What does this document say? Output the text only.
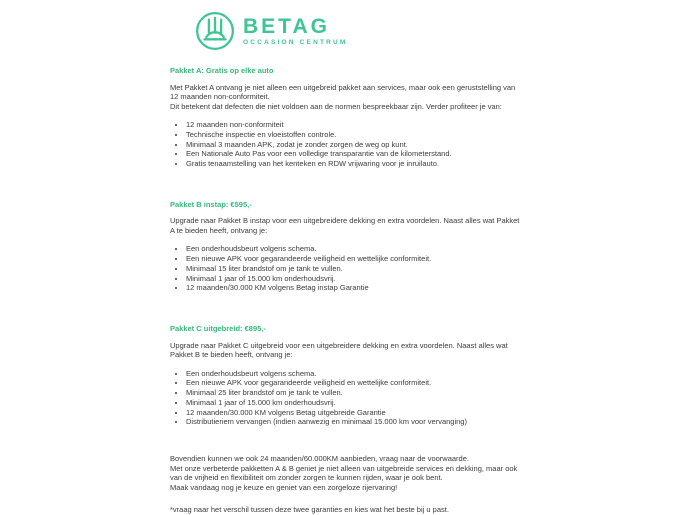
BETAG
OCCASION CENTRUM
Pakket A: Gratis op elke auto

Met Pakket A ontvang je niet alleen een uitgebreid pakket aan services, maar ook een geruststelling van 12 maanden non-conformiteit.

Dit betekent dat defecten die niet voldoen aan de normen bespreekbaar zijn. Verder profiteer je van:

• 12 maanden non-conformiteit
• Technische inspectie en vloeistoffen controle.
• Minimaal 3 maanden APK, zodat je zonder zorgen de weg op kunt.
• Een Nationale Auto Pas voor een volledige transparantie van de kilometerstand.
• Gratis tenaamstelling van het kenteken en RDW vrijwaring voor je inruilauto.
Pakket B instap: €595,-

Upgrade naar Pakket B instap voor een uitgebreidere dekking en extra voordelen. Naast alles wat Pakket A te bieden heeft, ontvang je:

• Een onderhoudsbeurt volgens schema.
• Een nieuwe APK voor gegarandeerde veiligheid en wettelijke conformiteit.
• Minimaal 15 liter brandstof om je tank te vullen.
• Minimaal 1 jaar of 15.000 km onderhoudsvrij.
• 12 maanden/30.000 KM volgens Betag instap Garantie
Pakket C uitgebreid: €895,-

Upgrade naar Pakket C uitgebreid voor een uitgebreidere dekking en extra voordelen. Naast alles wat Pakket B te bieden heeft, ontvang je:

• Een onderhoudsbeurt volgens schema.
• Een nieuwe APK voor gegarandeerde veiligheid en wettelijke conformiteit.
• Minimaal 25 liter brandstof om je tank te vullen.
• Minimaal 1 jaar of 15.000 km onderhoudsvrij.
• 12 maanden/30.000 KM volgens Betag uitgebreide Garantie
• Distributieriem vervangen (indien aanwezig en minimaal 15.000 km voor vervanging)

Bovendien kunnen we ook 24 maanden/60.000KM aanbieden, vraag naar de voorwaarde.

Met onze verbeterde pakketten A & B geniet je niet alleen van uitgebreide services en dekking, maar ook van de vrijheid en flexibiliteit om zonder zorgen te kunnen rijden, waar je ook bent.

Maak vandaag nog je keuze en geniet van een zorgeloze rijervaring!

*vraag naar het verschil tussen deze twee garanties en kies wat het beste bij u past.
